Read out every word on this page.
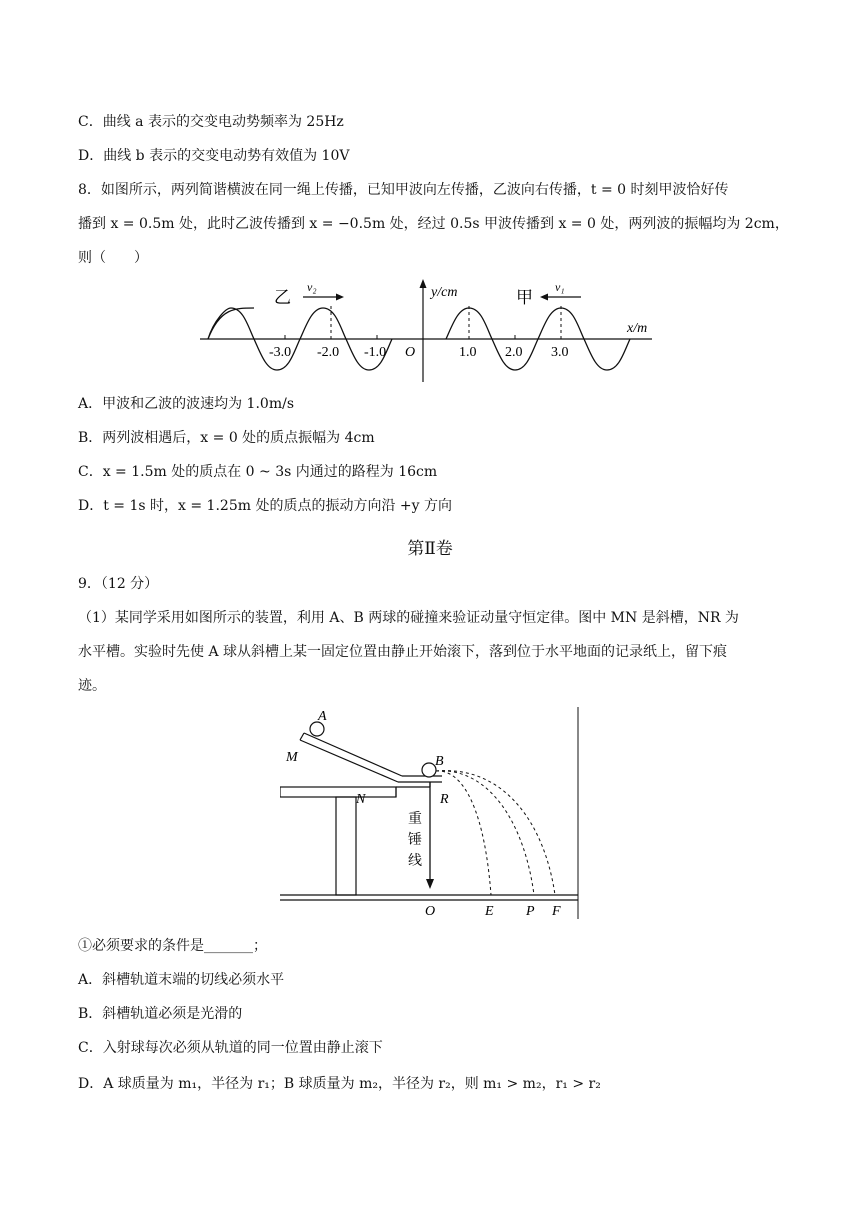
C．曲线 a 表示的交变电动势频率为 25Hz
D．曲线 b 表示的交变电动势有效值为 10V
8．如图所示，两列简谐横波在同一绳上传播，已知甲波向左传播，乙波向右传播，t = 0 时刻甲波恰好传
播到 x = 0.5m 处，此时乙波传播到 x = −0.5m 处，经过 0.5s 甲波传播到 x = 0 处，两列波的振幅均为 2cm，
则（　　）
-3.0 -2.0 -1.0 O	1.0 2.0 3.0
y/cm
x/m
乙	甲
v₂	v₁
A．甲波和乙波的波速均为 1.0m/s
B．两列波相遇后，x = 0 处的质点振幅为 4cm
C．x = 1.5m 处的质点在 0 ~ 3s 内通过的路程为 16cm
D．t = 1s 时，x = 1.25m 处的质点的振动方向沿 +y 方向
第Ⅱ卷
9．（12 分）
（1）某同学采用如图所示的装置，利用 A、B 两球的碰撞来验证动量守恒定律。图中 MN 是斜槽，NR 为
水平槽。实验时先使 A 球从斜槽上某一固定位置由静止开始滚下，落到位于水平地面的记录纸上，留下痕
迹。
A
M	B
N	R
重
锤
线
O	E P F
①必须要求的条件是_______；
A．斜槽轨道末端的切线必须水平
B．斜槽轨道必须是光滑的
C．入射球每次必须从轨道的同一位置由静止滚下
D．A 球质量为 m₁，半径为 r₁；B 球质量为 m₂，半径为 r₂，则 m₁ > m₂，r₁ > r₂
